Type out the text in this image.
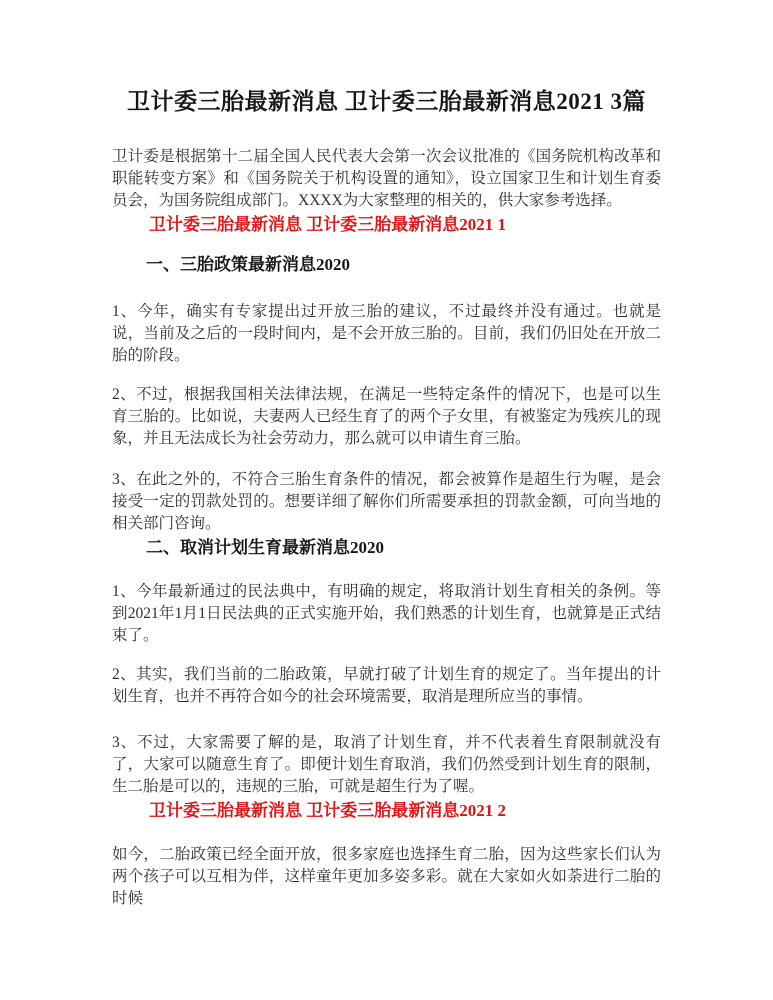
卫计委三胎最新消息 卫计委三胎最新消息2021 3篇

卫计委是根据第十二届全国人民代表大会第一次会议批准的《国务院机构改革和职能转变方案》和《国务院关于机构设置的通知》，设立国家卫生和计划生育委员会，为国务院组成部门。XXXX为大家整理的相关的，供大家参考选择。

卫计委三胎最新消息 卫计委三胎最新消息2021 1
一、三胎政策最新消息2020

1、今年，确实有专家提出过开放三胎的建议，不过最终并没有通过。也就是说，当前及之后的一段时间内，是不会开放三胎的。目前，我们仍旧处在开放二胎的阶段。

2、不过，根据我国相关法律法规，在满足一些特定条件的情况下，也是可以生育三胎的。比如说，夫妻两人已经生育了的两个子女里，有被鉴定为残疾儿的现象，并且无法成长为社会劳动力，那么就可以申请生育三胎。

3、在此之外的，不符合三胎生育条件的情况，都会被算作是超生行为喔，是会接受一定的罚款处罚的。想要详细了解你们所需要承担的罚款金额，可向当地的相关部门咨询。

二、取消计划生育最新消息2020

1、今年最新通过的民法典中，有明确的规定，将取消计划生育相关的条例。等到2021年1月1日民法典的正式实施开始，我们熟悉的计划生育，也就算是正式结束了。

2、其实，我们当前的二胎政策，早就打破了计划生育的规定了。当年提出的计划生育，也并不再符合如今的社会环境需要，取消是理所应当的事情。

3、不过，大家需要了解的是，取消了计划生育，并不代表着生育限制就没有了，大家可以随意生育了。即便计划生育取消，我们仍然受到计划生育的限制，生二胎是可以的，违规的三胎，可就是超生行为了喔。

卫计委三胎最新消息 卫计委三胎最新消息2021 2

如今，二胎政策已经全面开放，很多家庭也选择生育二胎，因为这些家长们认为两个孩子可以互相为伴，这样童年更加多姿多彩。就在大家如火如荼进行二胎的时候
